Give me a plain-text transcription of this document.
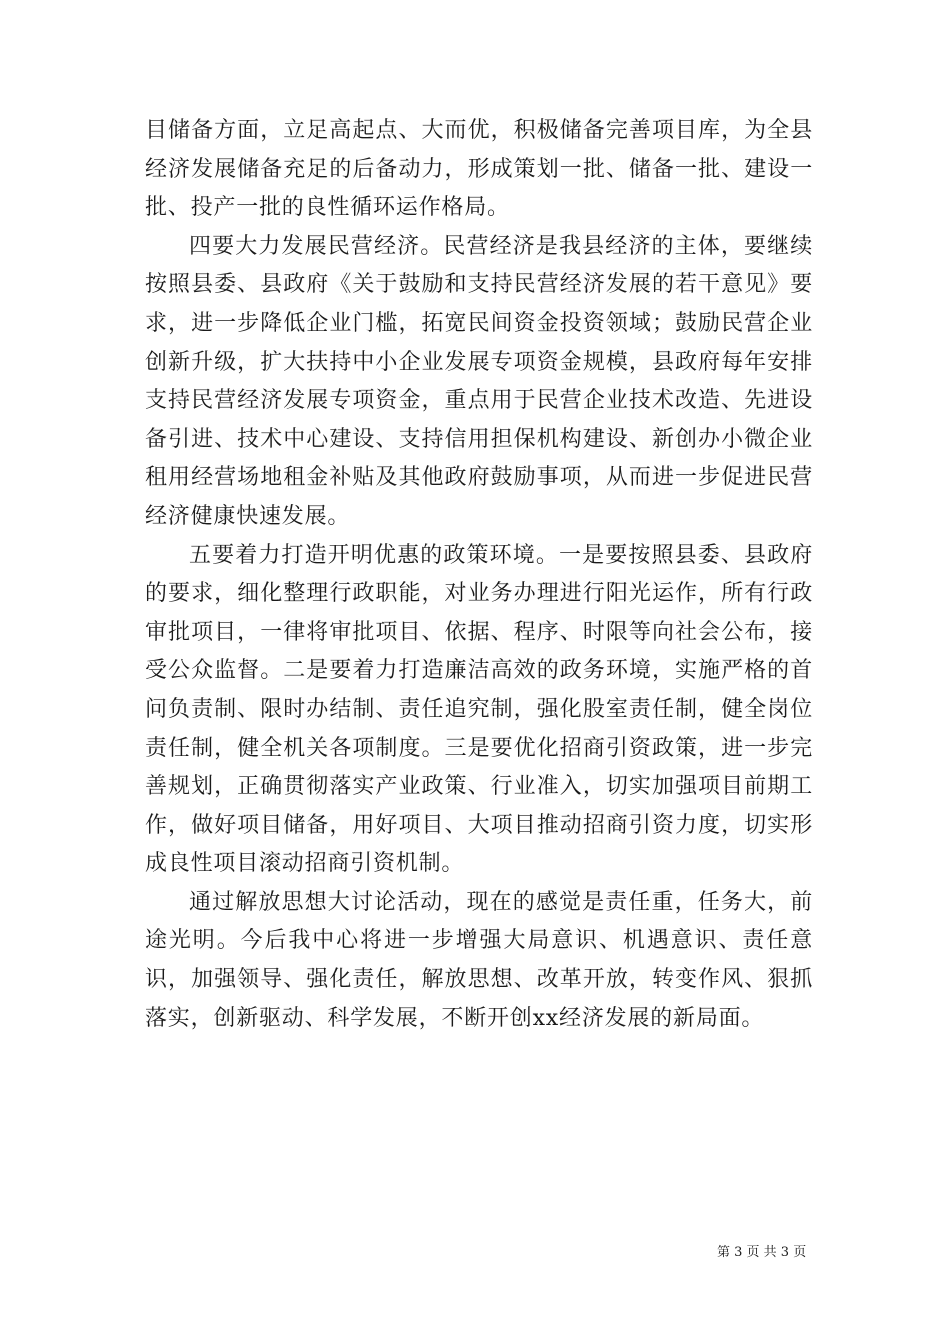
目储备方面，立足高起点、大而优，积极储备完善项目库，为全县经济发展储备充足的后备动力，形成策划一批、储备一批、建设一批、投产一批的良性循环运作格局。

四要大力发展民营经济。民营经济是我县经济的主体，要继续按照县委、县政府《关于鼓励和支持民营经济发展的若干意见》要求，进一步降低企业门槛，拓宽民间资金投资领域；鼓励民营企业创新升级，扩大扶持中小企业发展专项资金规模，县政府每年安排支持民营经济发展专项资金，重点用于民营企业技术改造、先进设备引进、技术中心建设、支持信用担保机构建设、新创办小微企业租用经营场地租金补贴及其他政府鼓励事项，从而进一步促进民营经济健康快速发展。

五要着力打造开明优惠的政策环境。一是要按照县委、县政府的要求，细化整理行政职能，对业务办理进行阳光运作，所有行政审批项目，一律将审批项目、依据、程序、时限等向社会公布，接受公众监督。二是要着力打造廉洁高效的政务环境，实施严格的首问负责制、限时办结制、责任追究制，强化股室责任制，健全岗位责任制，健全机关各项制度。三是要优化招商引资政策，进一步完善规划，正确贯彻落实产业政策、行业准入，切实加强项目前期工作，做好项目储备，用好项目、大项目推动招商引资力度，切实形成良性项目滚动招商引资机制。

通过解放思想大讨论活动，现在的感觉是责任重，任务大，前途光明。今后我中心将进一步增强大局意识、机遇意识、责任意识，加强领导、强化责任，解放思想、改革开放，转变作风、狠抓落实，创新驱动、科学发展，不断开创xx经济发展的新局面。

第 3 页 共 3 页
